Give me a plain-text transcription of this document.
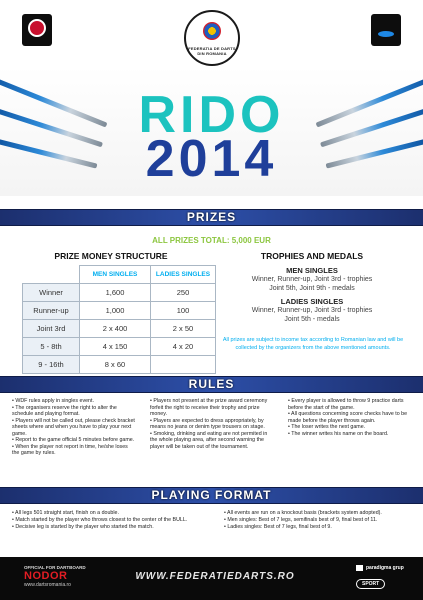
FEDERATIA DE DARTS DIN ROMANIA
RIDO
2014
PRIZES
ALL PRIZES TOTAL: 5,000 EUR
PRIZE MONEY STRUCTURE
	MEN SINGLES	LADIES SINGLES
Winner	1,600	250
Runner-up	1,000	100
Joint 3rd	2 x 400	2 x 50
5 - 8th	4 x 150	4 x 20
9 - 16th	8 x 60	
TROPHIES AND MEDALS
MEN SINGLES
Winner, Runner-up, Joint 3rd - trophies
Joint 5th, Joint 9th - medals
LADIES SINGLES
Winner, Runner-up, Joint 3rd - trophies
Joint 5th - medals
All prizes are subject to income tax according to Romanian law and will be collected by the organizers from the above mentioned amounts.
RULES
• WDF rules apply in singles event.
• The organisers reserve the right to alter the schedule and playing format.
• Players will not be called out, please check bracket sheets where and when you have to play your next game.
• Report to the game official 5 minutes before game.
• When the player not report in time, he/she loses the game by rules.
• Players not present at the prize award ceremony forfeit the right to receive their trophy and prize money.
• Players are expected to dress appropriately, by means no jeans or denim type trousers on stage.
• Smoking, drinking and eating are not permited in the whole playing area, after second warning the player will be taken out of the tournament.
• Every player is allowed to throw 9 practice darts before the start of the game.
• All questions concerning score checks have to be made before the player throws again.
• The loser writes the next game.
• The winner writes his name on the board.
PLAYING FORMAT
• All legs 501 straight start, finish on a double.
• Match started by the player who throws closest to the center of the BULL.
• Decisive leg is started by the player who started the match.
• All events are run on a knockout basis (brackets system adopted).
• Men singles: Best of 7 legs, semifinals best of 9, final best of 11.
• Ladies singles: Best of 7 legs, final best of 9.
OFFICIAL FOR DARTBOARD
NODOR
www.dartsromania.ro
WWW.FEDERATIEDARTS.RO
paradigma grup
SPORT
